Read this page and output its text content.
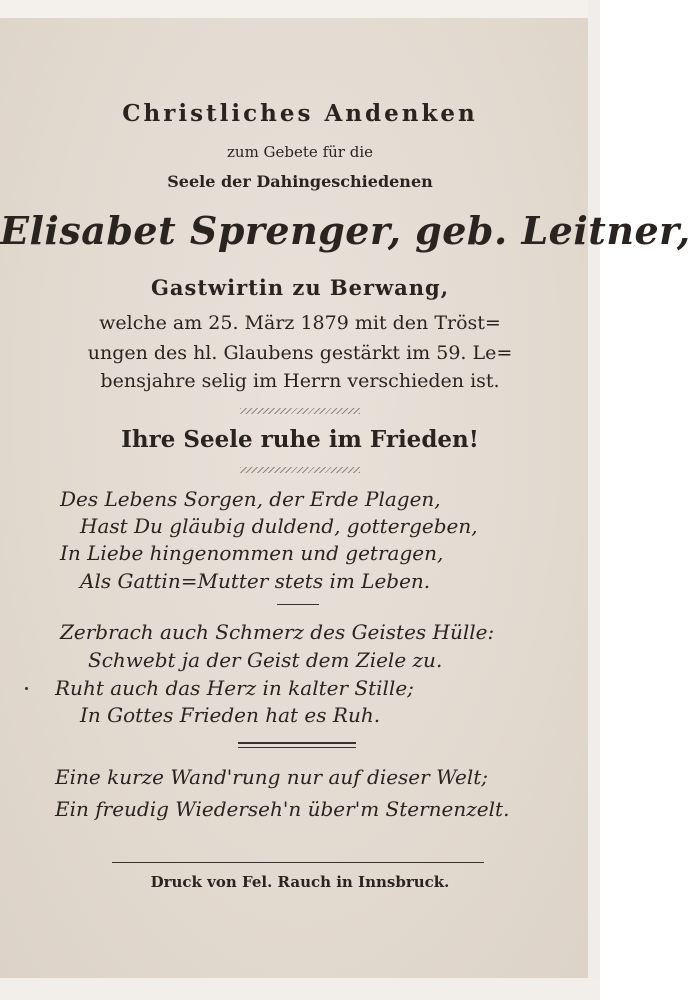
Christliches Andenken
zum Gebete für die
Seele der Dahingeschiedenen
Elisabet Sprenger, geb. Leitner,
Gastwirtin zu Berwang,
welche am 25. März 1879 mit den Tröst=
ungen des hl. Glaubens gestärkt im 59. Le=
bensjahre selig im Herrn verschieden ist.
Ihre Seele ruhe im Frieden!
Des Lebens Sorgen, der Erde Plagen,
Hast Du gläubig duldend, gottergeben,
In Liebe hingenommen und getragen,
Als Gattin=Mutter stets im Leben.
Zerbrach auch Schmerz des Geistes Hülle:
Schwebt ja der Geist dem Ziele zu.
Ruht auch das Herz in kalter Stille;
In Gottes Frieden hat es Ruh.
Eine kurze Wand'rung nur auf dieser Welt;
Ein freudig Wiederseh'n über'm Sternenzelt.
Druck von Fel. Rauch in Innsbruck.
